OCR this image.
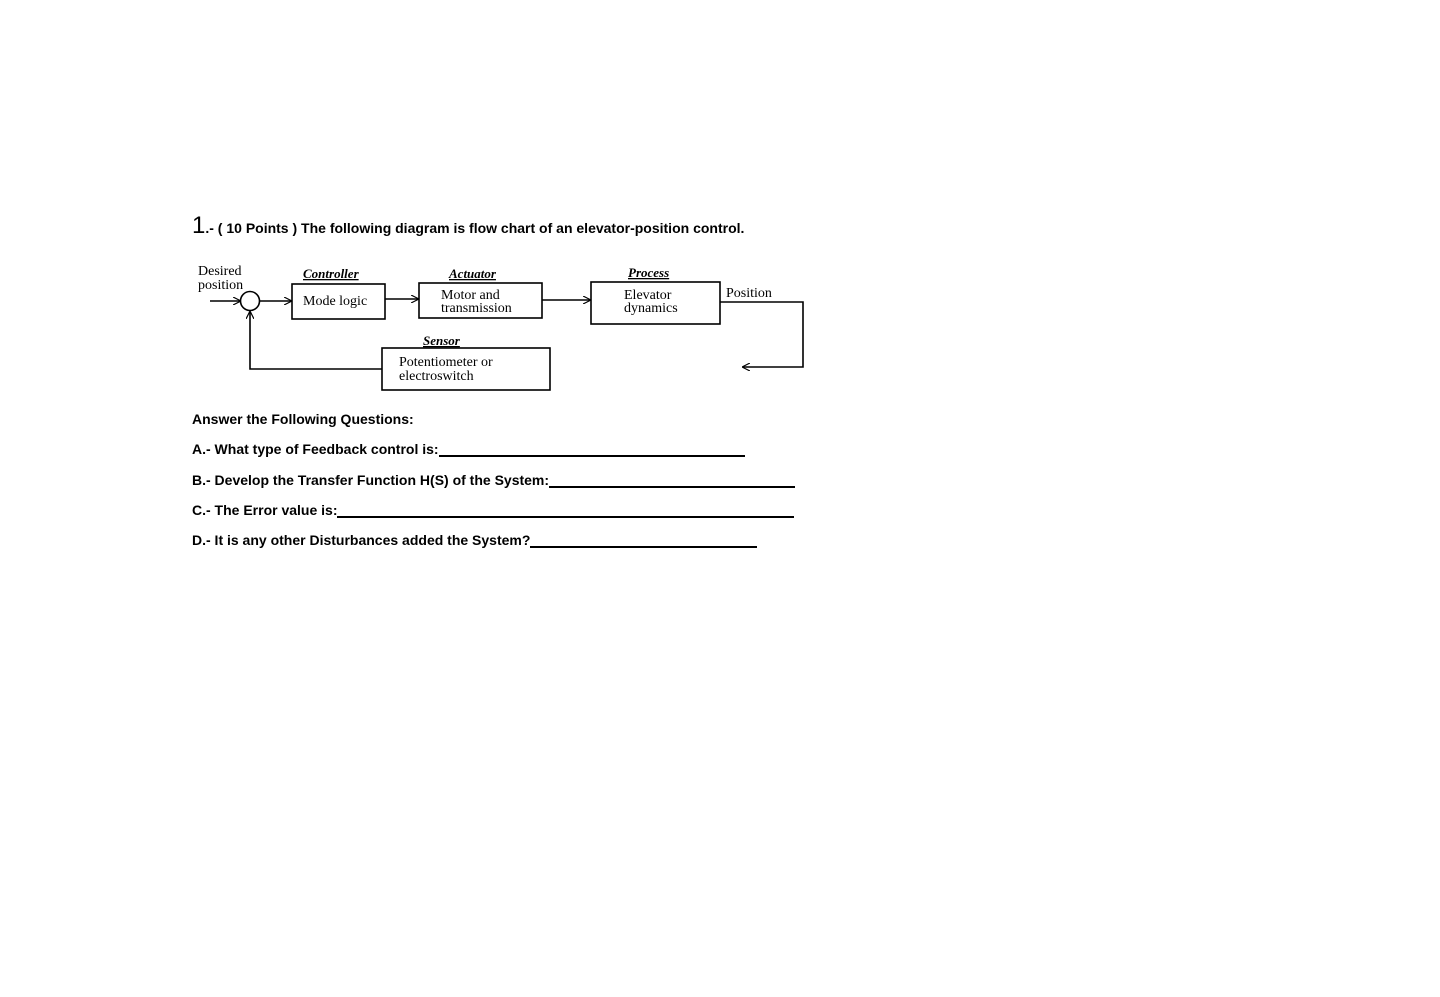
1.- ( 10 Points ) The following diagram is flow chart of an elevator-position control.
Desired
position
Controller
Mode logic
Actuator
Motor and
transmission
Process
Elevator
dynamics
Position
Sensor
Potentiometer or
electroswitch
Answer the Following Questions:
A.- What type of Feedback control is:
B.- Develop the Transfer Function H(S) of the System:
C.- The Error value is:
D.- It is any other Disturbances added the System?
